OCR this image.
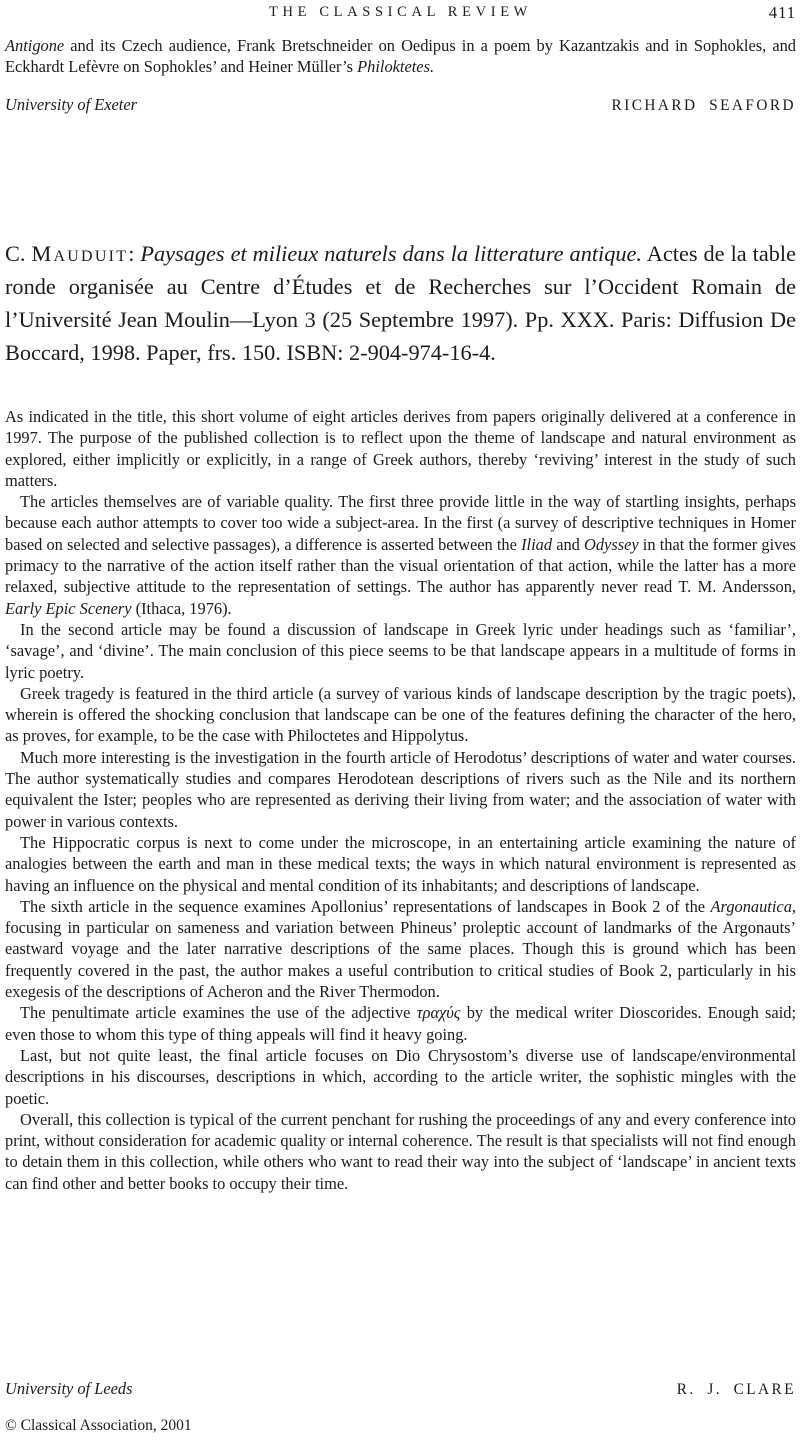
THE CLASSICAL REVIEW	411

Antigone and its Czech audience, Frank Bretschneider on Oedipus in a poem by Kazantzakis and in Sophokles, and Eckhardt Lefèvre on Sophokles’ and Heiner Müller’s Philoktetes.

University of Exeter	RICHARD SEAFORD

C. Mauduit: Paysages et milieux naturels dans la litterature antique. Actes de la table ronde organisée au Centre d’Études et de Recherches sur l’Occident Romain de l’Université Jean Moulin—Lyon 3 (25 Septembre 1997). Pp. XXX. Paris: Diffusion De Boccard, 1998. Paper, frs. 150. ISBN: 2-904-974-16-4.

As indicated in the title, this short volume of eight articles derives from papers originally delivered at a conference in 1997. The purpose of the published collection is to reflect upon the theme of landscape and natural environment as explored, either implicitly or explicitly, in a range of Greek authors, thereby ‘reviving’ interest in the study of such matters.

The articles themselves are of variable quality. The first three provide little in the way of startling insights, perhaps because each author attempts to cover too wide a subject-area. In the first (a survey of descriptive techniques in Homer based on selected and selective passages), a difference is asserted between the Iliad and Odyssey in that the former gives primacy to the narrative of the action itself rather than the visual orientation of that action, while the latter has a more relaxed, subjective attitude to the representation of settings. The author has apparently never read T. M. Andersson, Early Epic Scenery (Ithaca, 1976).

In the second article may be found a discussion of landscape in Greek lyric under headings such as ‘familiar’, ‘savage’, and ‘divine’. The main conclusion of this piece seems to be that landscape appears in a multitude of forms in lyric poetry.

Greek tragedy is featured in the third article (a survey of various kinds of landscape description by the tragic poets), wherein is offered the shocking conclusion that landscape can be one of the features defining the character of the hero, as proves, for example, to be the case with Philoctetes and Hippolytus.

Much more interesting is the investigation in the fourth article of Herodotus’ descriptions of water and water courses. The author systematically studies and compares Herodotean descriptions of rivers such as the Nile and its northern equivalent the Ister; peoples who are represented as deriving their living from water; and the association of water with power in various contexts.

The Hippocratic corpus is next to come under the microscope, in an entertaining article examining the nature of analogies between the earth and man in these medical texts; the ways in which natural environment is represented as having an influence on the physical and mental condition of its inhabitants; and descriptions of landscape.

The sixth article in the sequence examines Apollonius’ representations of landscapes in Book 2 of the Argonautica, focusing in particular on sameness and variation between Phineus’ proleptic account of landmarks of the Argonauts’ eastward voyage and the later narrative descriptions of the same places. Though this is ground which has been frequently covered in the past, the author makes a useful contribution to critical studies of Book 2, particularly in his exegesis of the descriptions of Acheron and the River Thermodon.

The penultimate article examines the use of the adjective τραχύς by the medical writer Dioscorides. Enough said; even those to whom this type of thing appeals will find it heavy going.

Last, but not quite least, the final article focuses on Dio Chrysostom’s diverse use of landscape/environmental descriptions in his discourses, descriptions in which, according to the article writer, the sophistic mingles with the poetic.

Overall, this collection is typical of the current penchant for rushing the proceedings of any and every conference into print, without consideration for academic quality or internal coherence. The result is that specialists will not find enough to detain them in this collection, while others who want to read their way into the subject of ‘landscape’ in ancient texts can find other and better books to occupy their time.

University of Leeds	R. J. CLARE
© Classical Association, 2001
